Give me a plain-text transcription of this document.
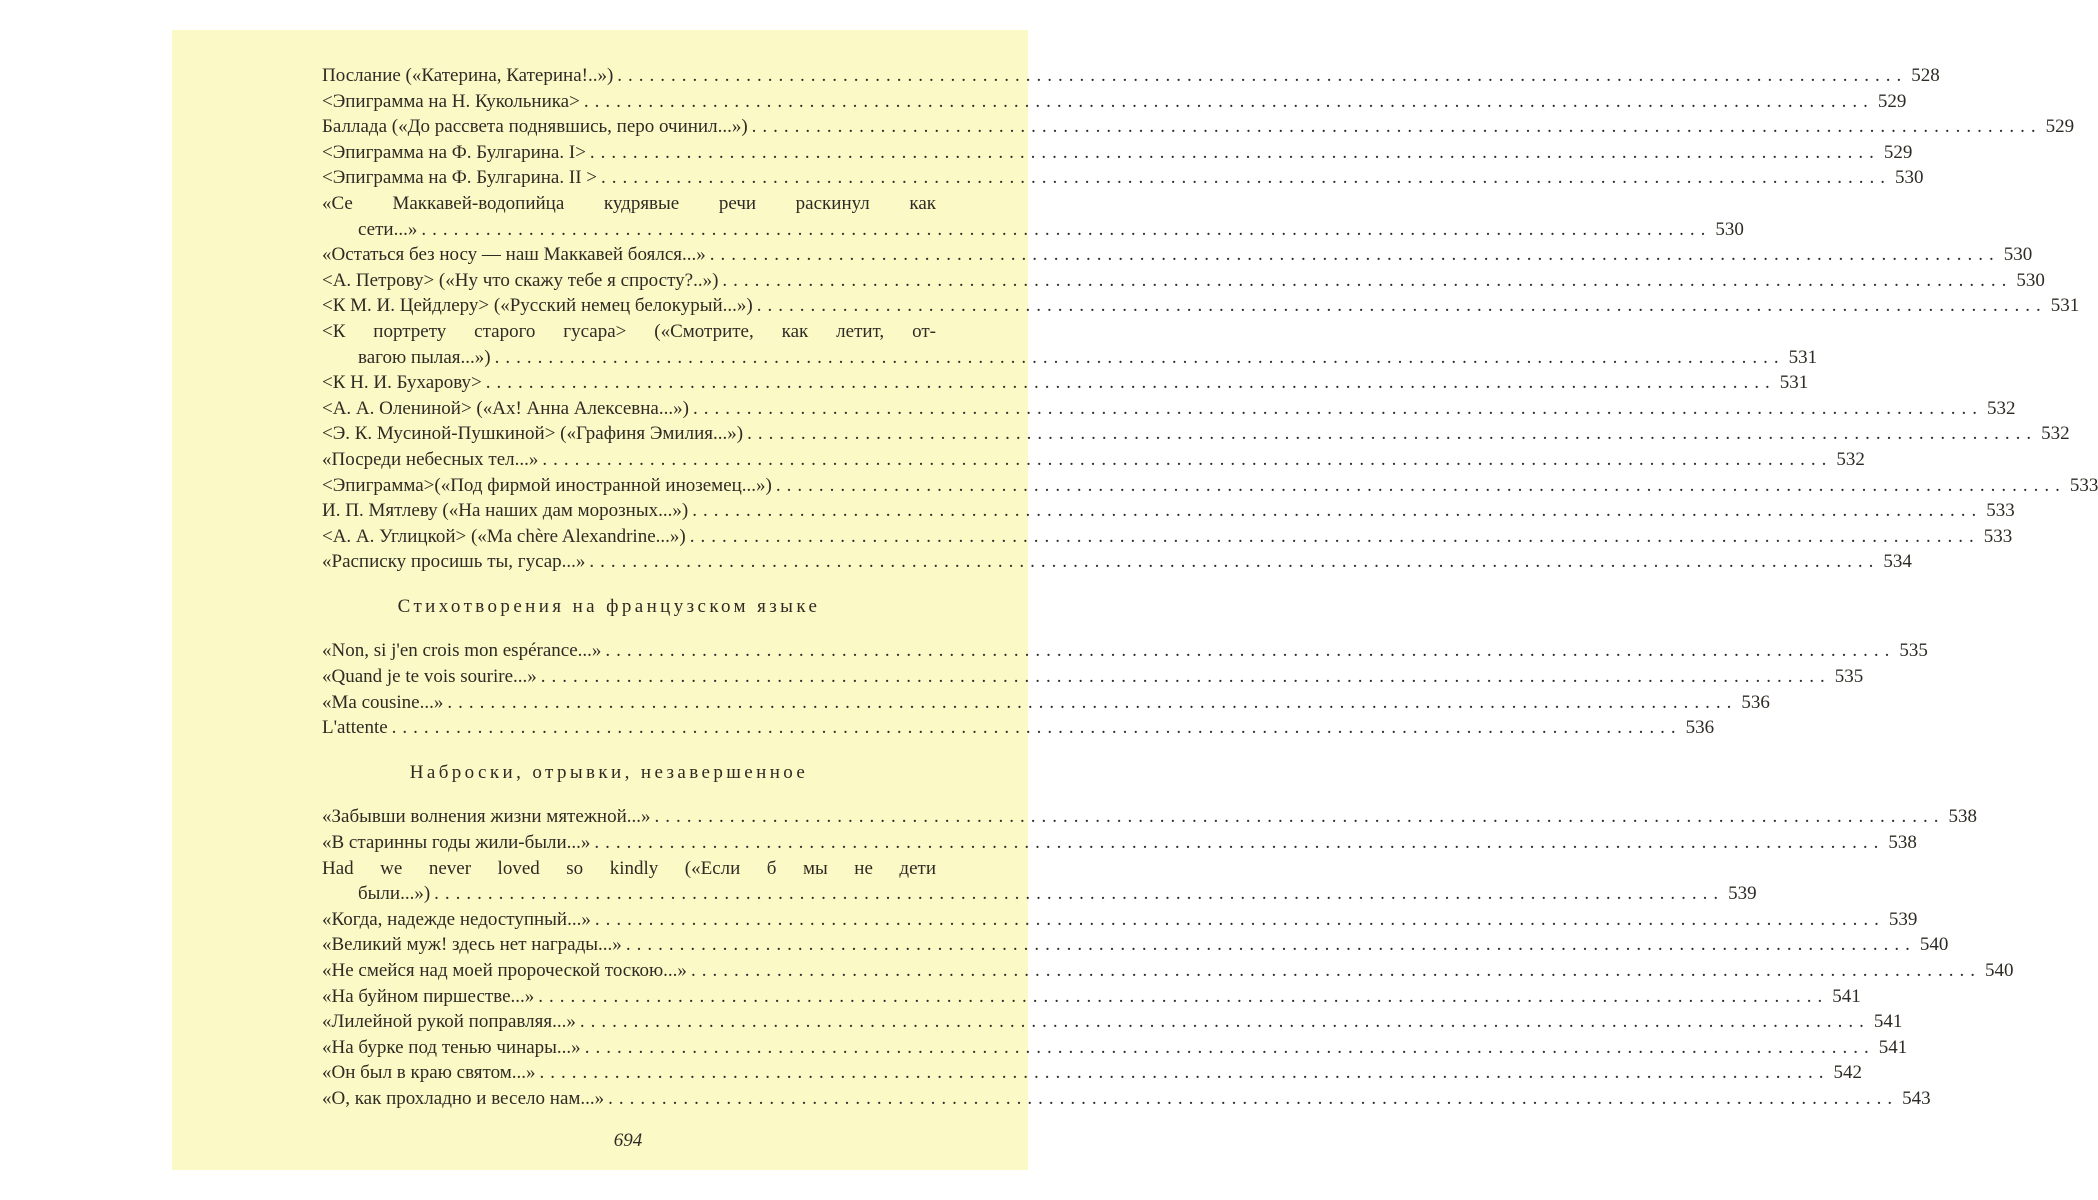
Послание («Катерина, Катерина!..») ........................................................................................................................ 528
<Эпиграмма на Н. Кукольника> ........................................................................................................................ 529
Баллада («До рассвета поднявшись, перо очинил...») ........................................................................................................................ 529
<Эпиграмма на Ф. Булгарина. I> ........................................................................................................................ 529
<Эпиграмма на Ф. Булгарина. II > ........................................................................................................................ 530
«Се Маккавей-водопийца кудрявые речи раскинул как
сети...» ........................................................................................................................ 530
«Остаться без носу — наш Маккавей боялся...» ........................................................................................................................ 530
<А. Петрову> («Ну что скажу тебе я спросту?..») ........................................................................................................................ 530
<К М. И. Цейдлеру> («Русский немец белокурый...») ........................................................................................................................ 531
<К портрету старого гусара> («Смотрите, как летит, от-
вагою пылая...») ........................................................................................................................ 531
<К Н. И. Бухарову> ........................................................................................................................ 531
<А. А. Олениной> («Ах! Анна Алексевна...») ........................................................................................................................ 532
<Э. К. Мусиной-Пушкиной> («Графиня Эмилия...») ........................................................................................................................ 532
«Посреди небесных тел...» ........................................................................................................................ 532
<Эпиграмма>(«Под фирмой иностранной иноземец...») ........................................................................................................................ 533
И. П. Мятлеву («На наших дам морозных...») ........................................................................................................................ 533
<А. А. Углицкой> («Ma chère Alexandrine...») ........................................................................................................................ 533
«Расписку просишь ты, гусар...» ........................................................................................................................ 534
Стихотворения на французском языке
«Non, si j'en crois mon espérance...» ........................................................................................................................ 535
«Quand je te vois sourire...» ........................................................................................................................ 535
«Ma cousine...» ........................................................................................................................ 536
L'attente ........................................................................................................................ 536
Наброски, отрывки, незавершенное
«Забывши волнения жизни мятежной...» ........................................................................................................................ 538
«В старинны годы жили-были...» ........................................................................................................................ 538
Had we never loved so kindly («Если б мы не дети
были...») ........................................................................................................................ 539
«Когда, надежде недоступный...» ........................................................................................................................ 539
«Великий муж! здесь нет награды...» ........................................................................................................................ 540
«Не смейся над моей пророческой тоскою...» ........................................................................................................................ 540
«На буйном пиршестве...» ........................................................................................................................ 541
«Лилейной рукой поправляя...» ........................................................................................................................ 541
«На бурке под тенью чинары...» ........................................................................................................................ 541
«Он был в краю святом...» ........................................................................................................................ 542
«О, как прохладно и весело нам...» ........................................................................................................................ 543
694
